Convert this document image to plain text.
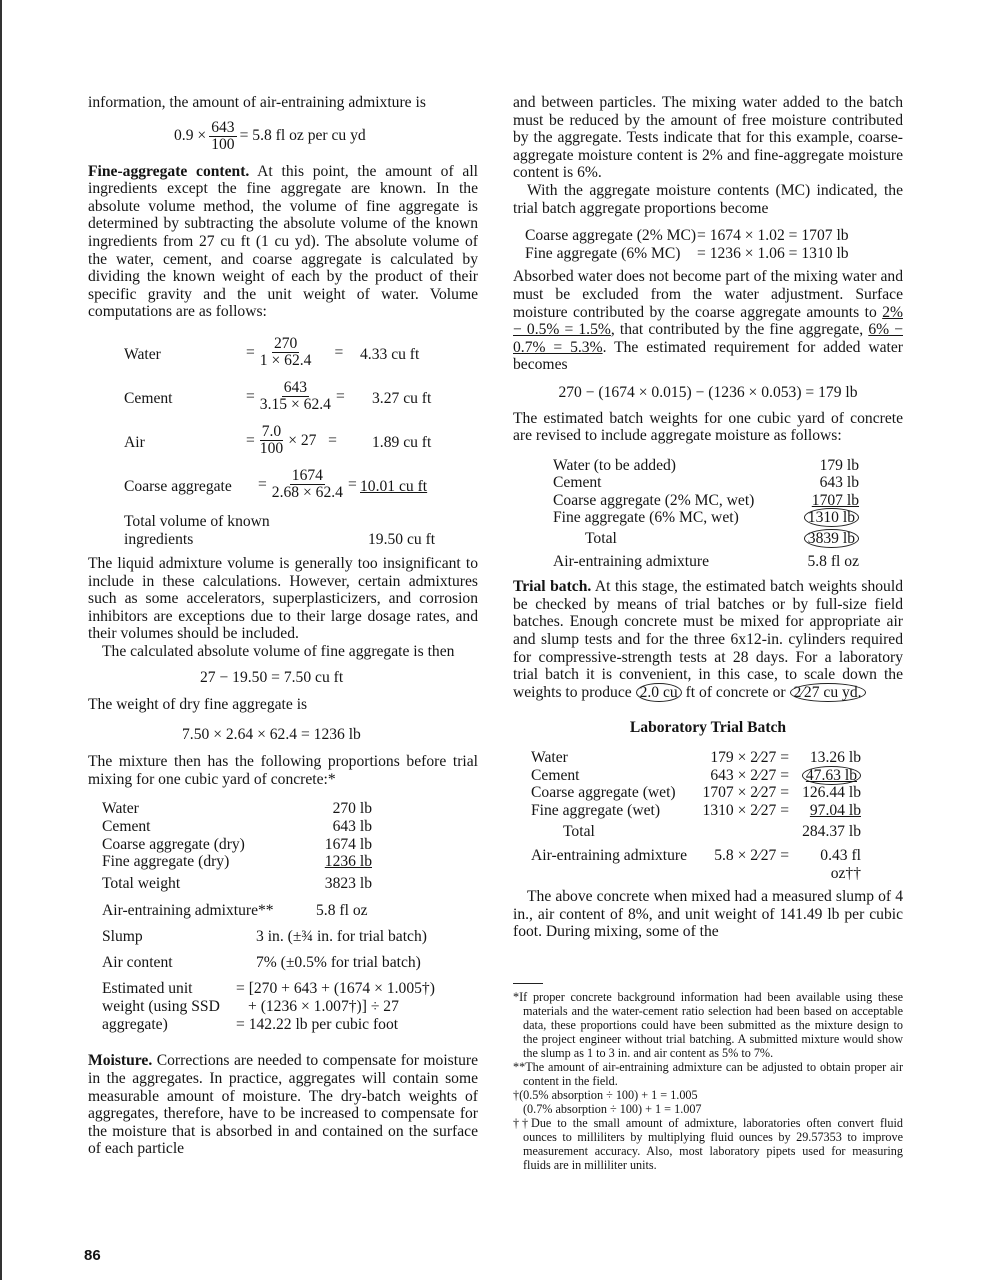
information, the amount of air-entraining admixture is

$0.9 \times \frac{643}{100} = 5.8$ fl oz per cu yd

Fine-aggregate content. At this point, the amount of all ingredients except the fine aggregate are known. In the absolute volume method, the volume of fine aggregate is determined by subtracting the absolute volume of the known ingredients from 27 cu ft (1 cu yd). The absolute volume of the water, cement, and coarse aggregate is calculated by dividing the known weight of each by the product of their specific gravity and the unit weight of water. Volume computations are as follows:

Water	= $\frac{270}{1 \times 62.4} = 4.33$ cu ft
Cement	= $\frac{643}{3.15 \times 62.4} = 3.27$ cu ft
Air	= $\frac{7.0}{100} \times 27 = 1.89$ cu ft
Coarse aggregate = $\frac{1674}{2.68 \times 62.4} = 10.01$ cu ft
Total volume of known
ingredients	19.50 cu ft

The liquid admixture volume is generally too insignificant to include in these calculations. However, certain admixtures such as some accelerators, superplasticizers, and corrosion inhibitors are exceptions due to their large dosage rates, and their volumes should be included.

The calculated absolute volume of fine aggregate is then

27 − 19.50 = 7.50 cu ft

The weight of dry fine aggregate is

7.50 × 2.64 × 62.4 = 1236 lb

The mixture then has the following proportions before trial mixing for one cubic yard of concrete:*

Water	270 lb
Cement	643 lb
Coarse aggregate (dry)	1674 lb
Fine aggregate (dry)	1236 lb
Total weight	3823 lb
Air-entraining admixture**	5.8 fl oz
Slump	3 in. (±¾ in. for trial batch)
Air content	7% (±0.5% for trial batch)
Estimated unit
weight (using SSD
aggregate)
= [270 + 643 + (1674 × 1.005†)
+ (1236 × 1.007†)] ÷ 27
= 142.22 lb per cubic foot

Moisture. Corrections are needed to compensate for moisture in the aggregates. In practice, aggregates will contain some measurable amount of moisture. The dry-batch weights of aggregates, therefore, have to be increased to compensate for the moisture that is absorbed in and contained on the surface of each particle

and between particles. The mixing water added to the batch must be reduced by the amount of free moisture contributed by the aggregate. Tests indicate that for this example, coarse-aggregate moisture content is 2% and fine-aggregate moisture content is 6%.

With the aggregate moisture contents (MC) indicated, the trial batch aggregate proportions become

Coarse aggregate (2% MC)	= 1674 × 1.02 = 1707 lb
Fine aggregate (6% MC)	= 1236 × 1.06 = 1310 lb

Absorbed water does not become part of the mixing water and must be excluded from the water adjustment. Surface moisture contributed by the coarse aggregate amounts to 2% − 0.5% = 1.5%, that contributed by the fine aggregate, 6% − 0.7% = 5.3%. The estimated requirement for added water becomes

270 − (1674 × 0.015) − (1236 × 0.053) = 179 lb

The estimated batch weights for one cubic yard of concrete are revised to include aggregate moisture as follows:

Water (to be added)	179 lb
Cement	643 lb
Coarse aggregate (2% MC, wet)	1707 lb
Fine aggregate (6% MC, wet)	1310 lb
Total	3839 lb
Air-entraining admixture	5.8 fl oz

Trial batch. At this stage, the estimated batch weights should be checked by means of trial batches or by full-size field batches. Enough concrete must be mixed for appropriate air and slump tests and for the three 6x12-in. cylinders required for compressive-strength tests at 28 days. For a laboratory trial batch it is convenient, in this case, to scale down the weights to produce 2.0 cu ft of concrete or 2⁄27 cu yd.

Laboratory Trial Batch
Water	179 × 2⁄27 =	13.26 lb
Cement	643 × 2⁄27 =	47.63 lb
Coarse aggregate (wet)	1707 × 2⁄27 =	126.44 lb
Fine aggregate (wet)	1310 × 2⁄27 =	97.04 lb
Total		284.37 lb
Air-entraining admixture	5.8 × 2⁄27 =	0.43 fl oz††

The above concrete when mixed had a measured slump of 4 in., air content of 8%, and unit weight of 141.49 lb per cubic foot. During mixing, some of the

*If proper concrete background information had been available using these materials and the water-cement ratio selection had been based on acceptable data, these proportions could have been submitted as the mixture design to the project engineer without trial batching. A submitted mixture would show the slump as 1 to 3 in. and air content as 5% to 7%.

**The amount of air-entraining admixture can be adjusted to obtain proper air content in the field.

†(0.5% absorption ÷ 100) + 1 = 1.005

(0.7% absorption ÷ 100) + 1 = 1.007

††Due to the small amount of admixture, laboratories often convert fluid ounces to milliliters by multiplying fluid ounces by 29.57353 to improve measurement accuracy. Also, most laboratory pipets used for measuring fluids are in milliliter units.

86
